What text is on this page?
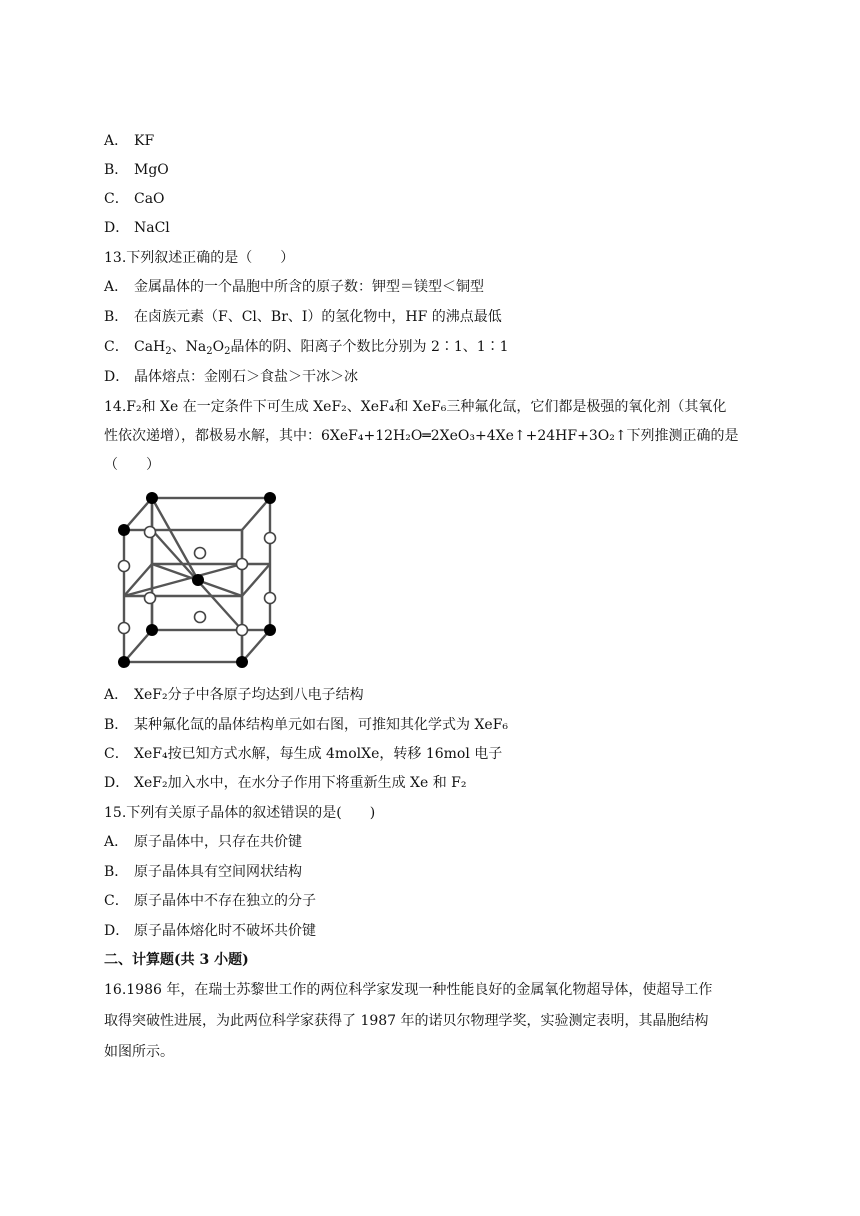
A． KF
B． MgO
C． CaO
D． NaCl
13.下列叙述正确的是（　　）
A． 金属晶体的一个晶胞中所含的原子数：钾型＝镁型＜铜型
B． 在卤族元素（F、Cl、Br、I）的氢化物中，HF 的沸点最低
C． CaH$_2$、$Na_2O_2$晶体的阴、阳离子个数比分别为 2∶1、1∶1
D． 晶体熔点：金刚石＞食盐＞干冰＞冰
14.F₂和 Xe 在一定条件下可生成 XeF₂、XeF₄和 XeF₆三种氟化氙，它们都是极强的氧化剂（其氧化
性依次递增），都极易水解，其中：6XeF₄+12H₂O═2XeO₃+4Xe↑+24HF+3O₂↑下列推测正确的是
（　　）
A． XeF₂分子中各原子均达到八电子结构
B． 某种氟化氙的晶体结构单元如右图，可推知其化学式为 XeF₆
C． XeF₄按已知方式水解，每生成 4molXe，转移 16mol 电子
D． XeF₂加入水中，在水分子作用下将重新生成 Xe 和 F₂
15.下列有关原子晶体的叙述错误的是(　　)
A． 原子晶体中，只存在共价键
B． 原子晶体具有空间网状结构
C． 原子晶体中不存在独立的分子
D． 原子晶体熔化时不破坏共价键
二、计算题(共 3 小题)
16.1986 年，在瑞士苏黎世工作的两位科学家发现一种性能良好的金属氧化物超导体，使超导工作
取得突破性进展，为此两位科学家获得了 1987 年的诺贝尔物理学奖，实验测定表明，其晶胞结构
如图所示。
